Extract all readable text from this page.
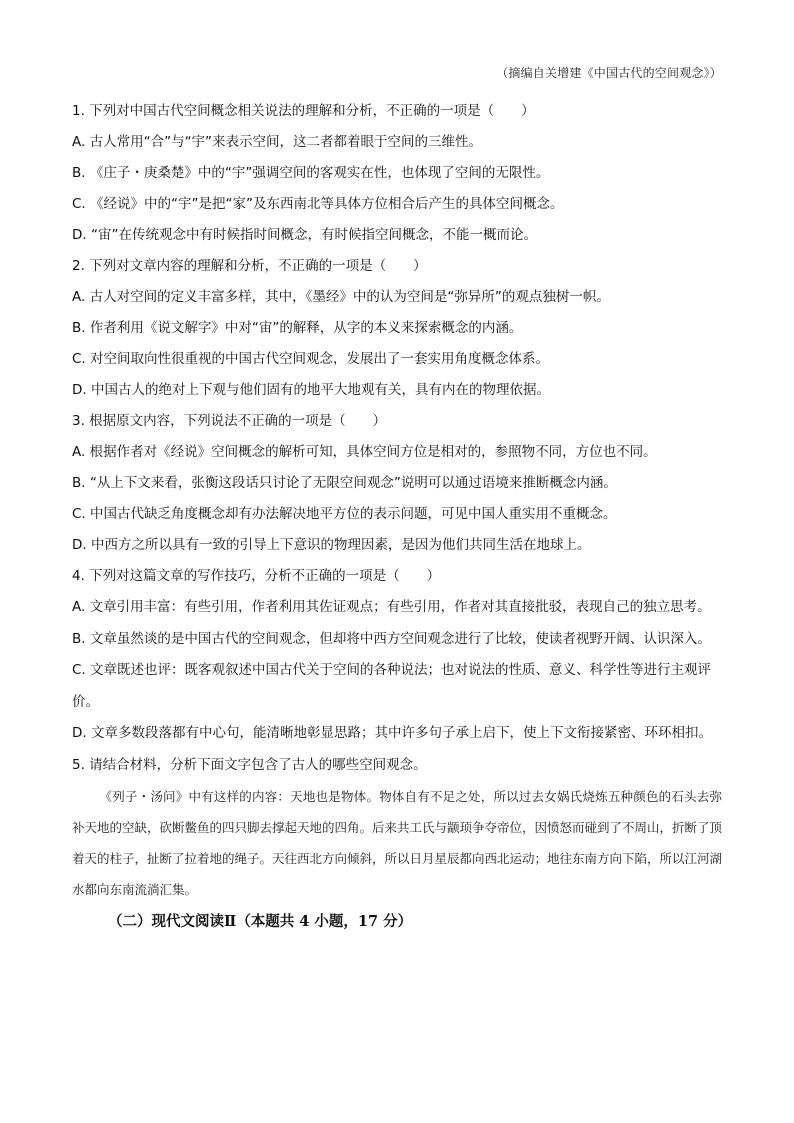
（摘编自关增建《中国古代的空间观念》）

1. 下列对中国古代空间概念相关说法的理解和分析，不正确的一项是（　　）

A. 古人常用“合”与“宇”来表示空间，这二者都着眼于空间的三维性。

B. 《庄子・庚桑楚》中的“宇”强调空间的客观实在性，也体现了空间的无限性。

C. 《经说》中的“宇”是把“家”及东西南北等具体方位相合后产生的具体空间概念。

D. “宙”在传统观念中有时候指时间概念，有时候指空间概念，不能一概而论。

2. 下列对文章内容的理解和分析，不正确的一项是（　　）

A. 古人对空间的定义丰富多样，其中，《墨经》中的认为空间是“弥异所”的观点独树一帜。

B. 作者利用《说文解字》中对“宙”的解释，从字的本义来探索概念的内涵。

C. 对空间取向性很重视的中国古代空间观念，发展出了一套实用角度概念体系。

D. 中国古人的绝对上下观与他们固有的地平大地观有关，具有内在的物理依据。

3. 根据原文内容，下列说法不正确的一项是（　　）

A. 根据作者对《经说》空间概念的解析可知，具体空间方位是相对的，参照物不同，方位也不同。

B. “从上下文来看，张衡这段话只讨论了无限空间观念”说明可以通过语境来推断概念内涵。

C. 中国古代缺乏角度概念却有办法解决地平方位的表示问题，可见中国人重实用不重概念。

D. 中西方之所以具有一致的引导上下意识的物理因素，是因为他们共同生活在地球上。

4. 下列对这篇文章的写作技巧，分析不正确的一项是（　　）

A. 文章引用丰富：有些引用，作者利用其佐证观点；有些引用，作者对其直接批驳，表现自己的独立思考。

B. 文章虽然谈的是中国古代的空间观念，但却将中西方空间观念进行了比较，使读者视野开阔、认识深入。

C. 文章既述也评：既客观叙述中国古代关于空间的各种说法；也对说法的性质、意义、科学性等进行主观评价。

D. 文章多数段落都有中心句，能清晰地彰显思路；其中许多句子承上启下，使上下文衔接紧密、环环相扣。

5. 请结合材料，分析下面文字包含了古人的哪些空间观念。

《列子・汤问》中有这样的内容：天地也是物体。物体自有不足之处，所以过去女娲氏烧炼五种颜色的石头去弥补天地的空缺，砍断鳖鱼的四只脚去撑起天地的四角。后来共工氏与颛顼争夺帝位，因愤怒而碰到了不周山，折断了顶着天的柱子，扯断了拉着地的绳子。天往西北方向倾斜，所以日月星辰都向西北运动；地往东南方向下陷，所以江河湖水都向东南流淌汇集。

（二）现代文阅读Ⅱ（本题共 4 小题，17 分）
